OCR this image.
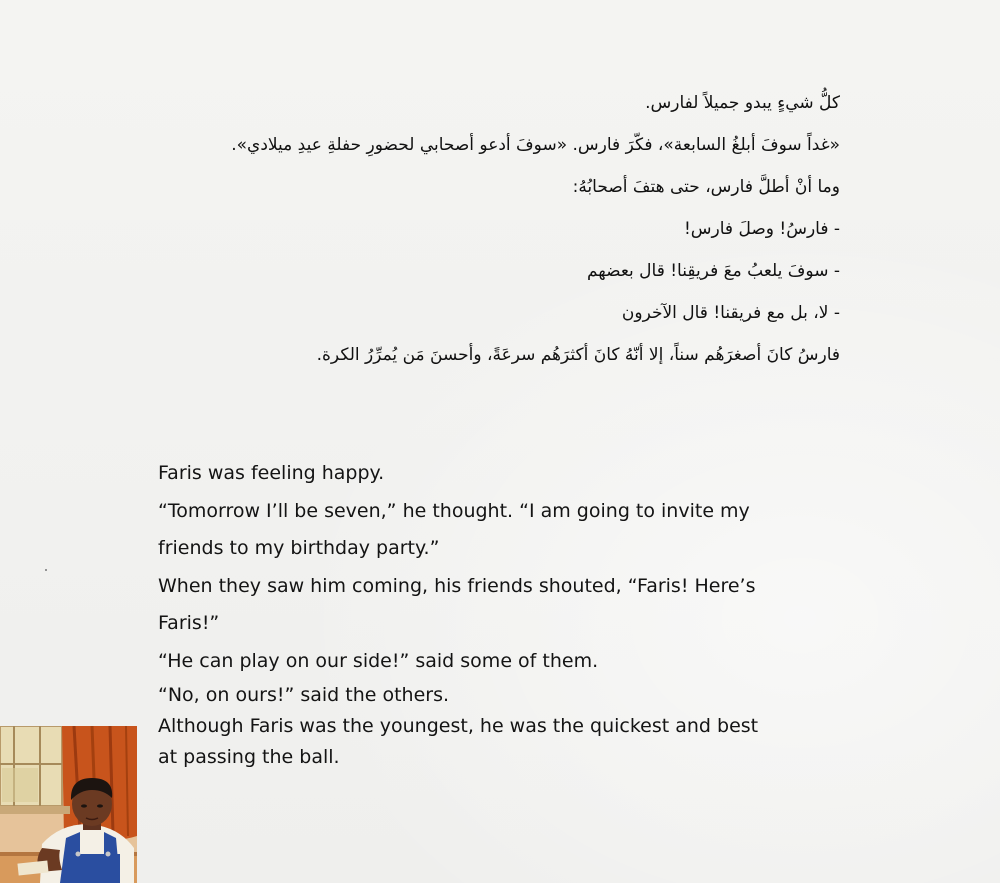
كلُّ شيءٍ يبدو جميلاً لفارس.
«غداً سوفَ أبلغُ السابعة»، فكّرَ فارس. «سوفَ أدعو أصحابي لحضورِ حفلةِ عيدِ ميلادي».
وما أنْ أطلَّ فارس، حتى هتفَ أصحابُهُ:
- فارسُ! وصلَ فارس!
- سوفَ يلعبُ معَ فريقِنا! قال بعضهم
- لا، بل مع فريقنا! قال الآخرون
فارسُ كانَ أصغرَهُم سناً، إلا أنّهُ كانَ أكثرَهُم سرعَةً، وأحسنَ مَن يُمرِّرُ الكرة.
Faris was feeling happy.
“Tomorrow I’ll be seven,” he thought. “I am going to invite my
friends to my birthday party.”
When they saw him coming, his friends shouted, “Faris! Here’s
Faris!”
“He can play on our side!” said some of them.
“No, on ours!” said the others.
Although Faris was the youngest, he was the quickest and best
at passing the ball.
